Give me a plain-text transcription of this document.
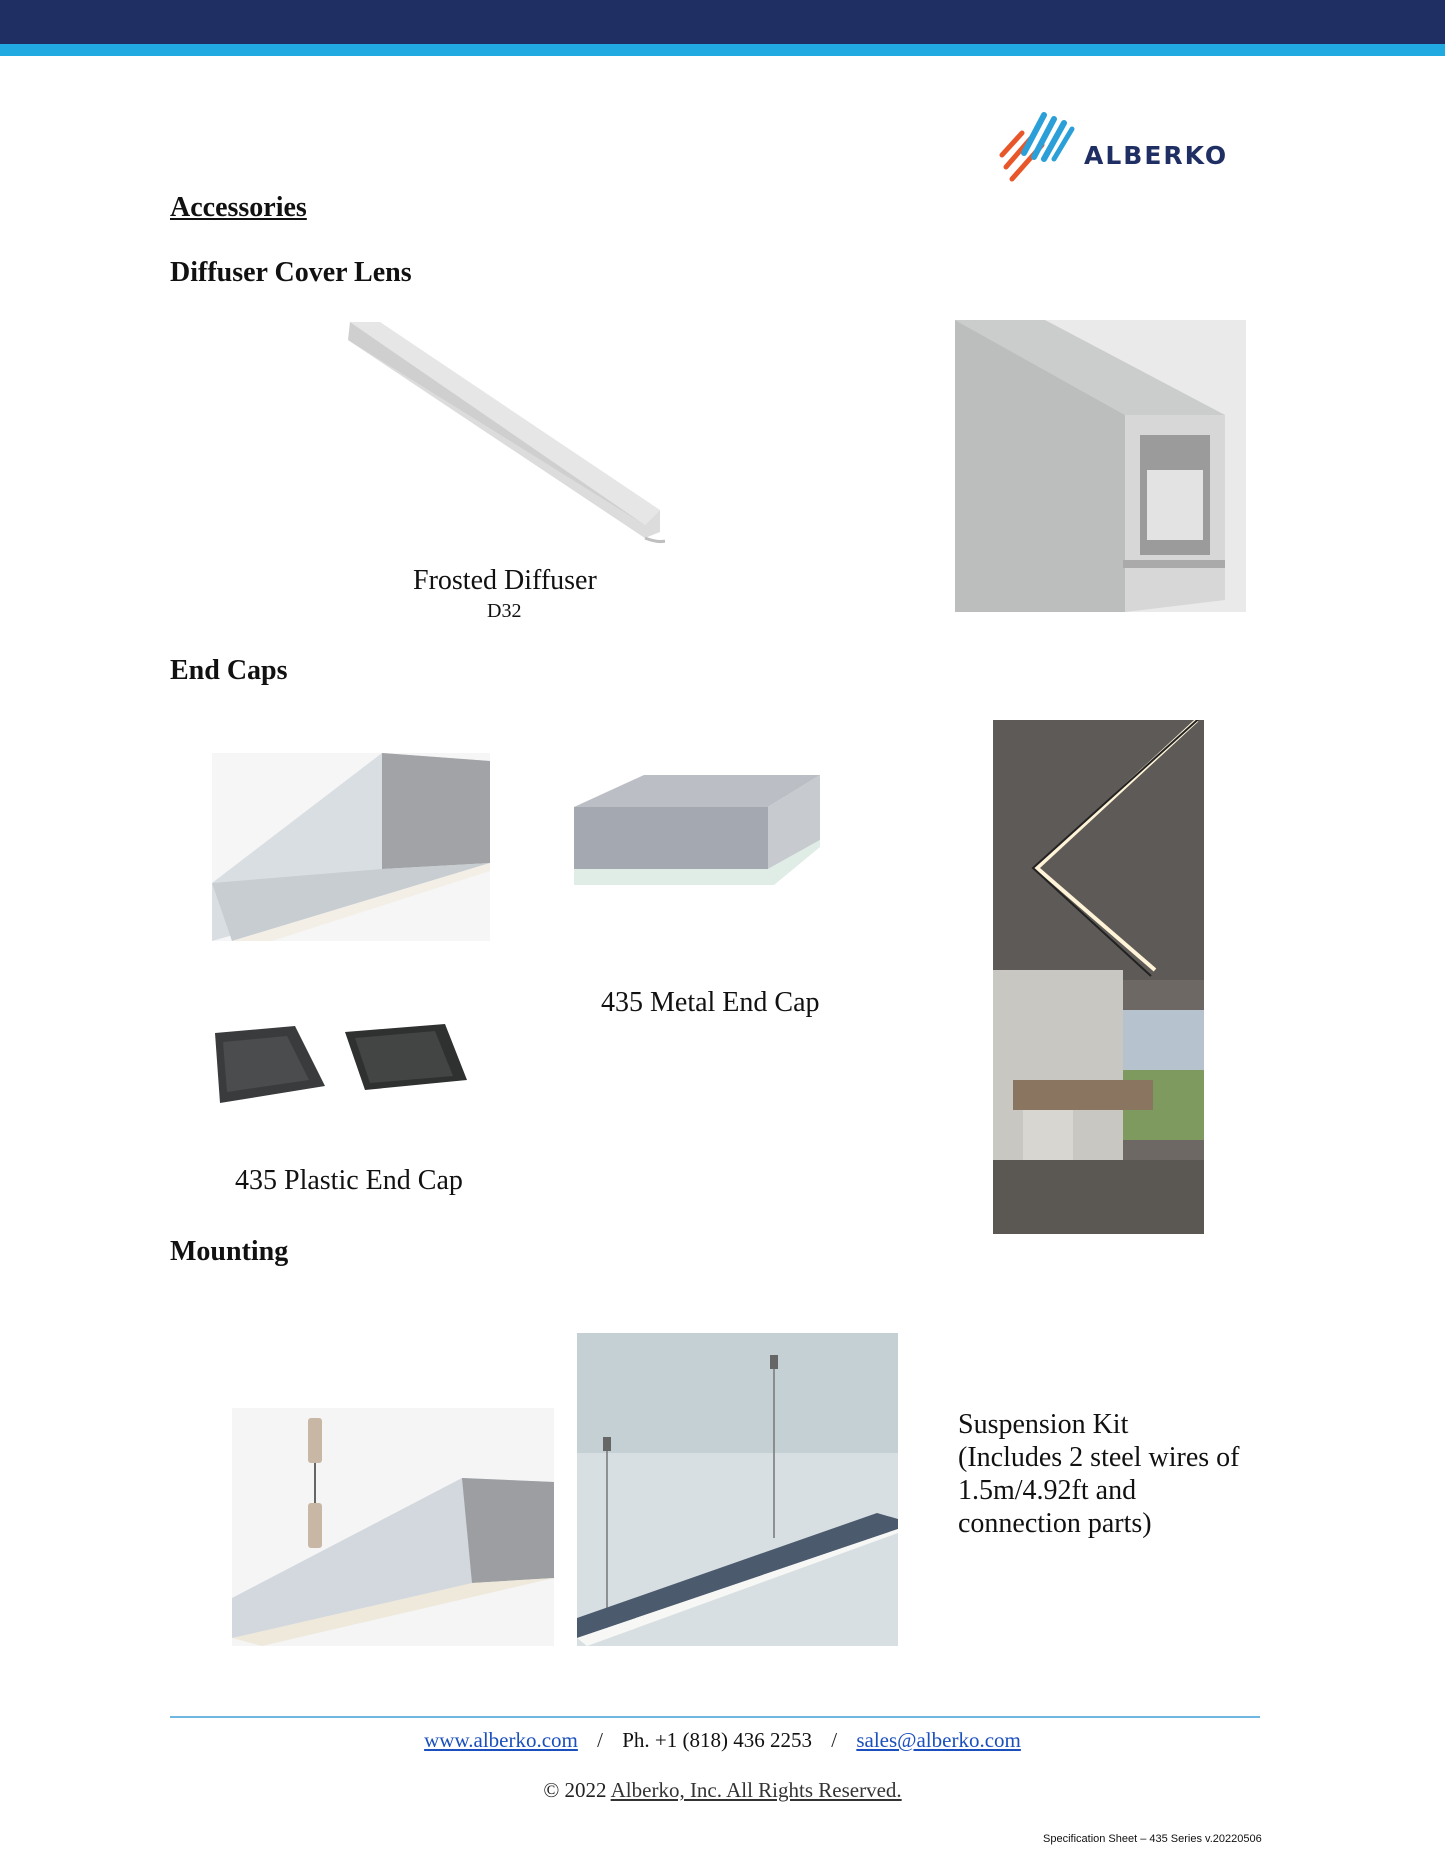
ALBERKO
Accessories
Diffuser Cover Lens
End Caps
Mounting
Frosted Diffuser
D32
435 Metal End Cap
435 Plastic End Cap
Suspension Kit
(Includes 2 steel wires of
1.5m/4.92ft and
connection parts)
www.alberko.com / Ph. +1 (818) 436 2253 / sales@alberko.com
© 2022 Alberko, Inc. All Rights Reserved.
Specification Sheet – 435 Series v.20220506
